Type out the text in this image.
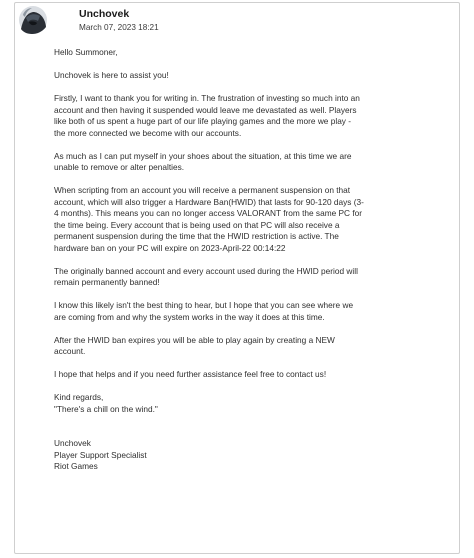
Unchovek
March 07, 2023 18:21

Hello Summoner,

Unchovek is here to assist you!

Firstly, I want to thank you for writing in. The frustration of investing so much into an

account and then having it suspended would leave me devastated as well. Players

like both of us spent a huge part of our life playing games and the more we play -

the more connected we become with our accounts.

As much as I can put myself in your shoes about the situation, at this time we are

unable to remove or alter penalties.

When scripting from an account you will receive a permanent suspension on that

account, which will also trigger a Hardware Ban(HWID) that lasts for 90-120 days (3-

4 months). This means you can no longer access VALORANT from the same PC for

the time being. Every account that is being used on that PC will also receive a

permanent suspension during the time that the HWID restriction is active. The

hardware ban on your PC will expire on 2023-April-22 00:14:22

The originally banned account and every account used during the HWID period will

remain permanently banned!

I know this likely isn't the best thing to hear, but I hope that you can see where we

are coming from and why the system works in the way it does at this time.

After the HWID ban expires you will be able to play again by creating a NEW

account.

I hope that helps and if you need further assistance feel free to contact us!

Kind regards,

"There's a chill on the wind."

Unchovek

Player Support Specialist

Riot Games
